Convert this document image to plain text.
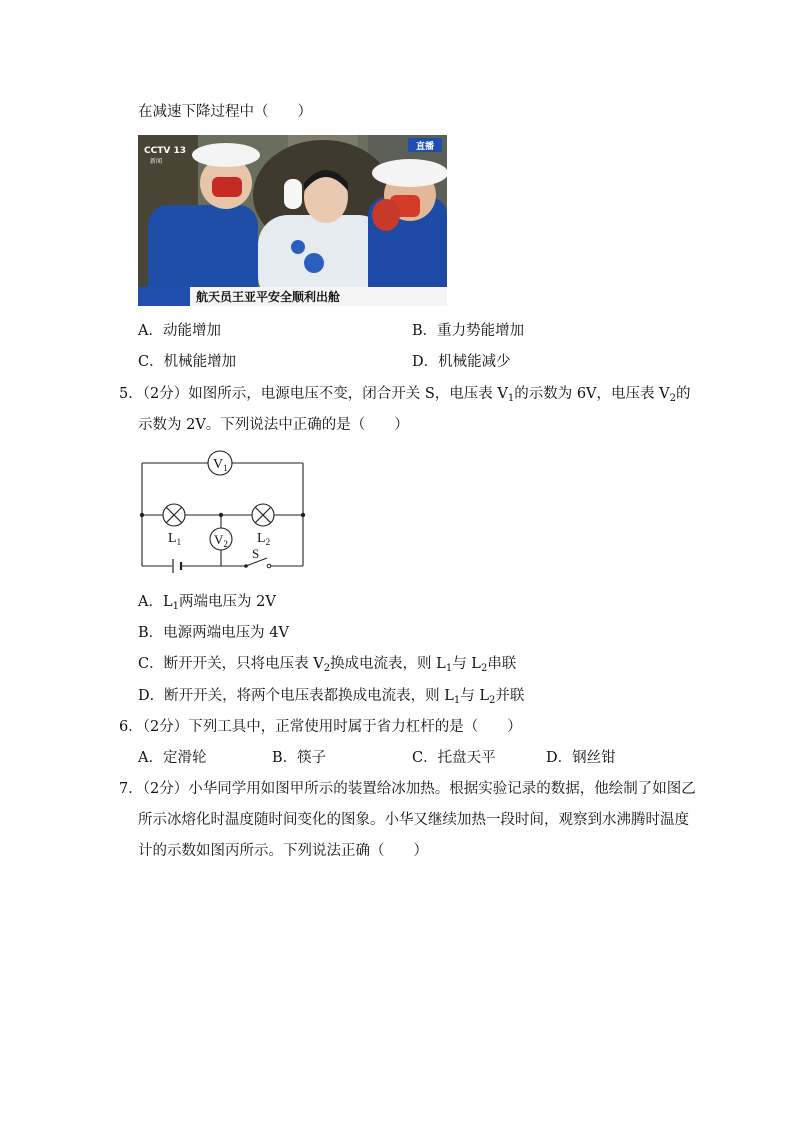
在减速下降过程中（　　）
CCTV 13
新闻
直播
航天员王亚平安全顺利出舱
A．动能增加	B．重力势能增加
C．机械能增加	D．机械能减少
5．（2分）如图所示，电源电压不变，闭合开关 S，电压表 $V_1$的示数为 6V，电压表 $V_2$的
示数为 2V。下列说法中正确的是（　　）
$V_1$
$V_2$
$L_1$	$L_2$
S
A．$L_1$两端电压为 2V
B．电源两端电压为 4V
C．断开开关，只将电压表 $V_2$换成电流表，则 $L_1$与 $L_2$串联
D．断开开关，将两个电压表都换成电流表，则 $L_1$与 $L_2$并联
6．（2分）下列工具中，正常使用时属于省力杠杆的是（　　）
A．定滑轮	B．筷子	C．托盘天平	D．钢丝钳
7．（2分）小华同学用如图甲所示的装置给冰加热。根据实验记录的数据，他绘制了如图乙
所示冰熔化时温度随时间变化的图象。小华又继续加热一段时间，观察到水沸腾时温度
计的示数如图丙所示。下列说法正确（　　）
